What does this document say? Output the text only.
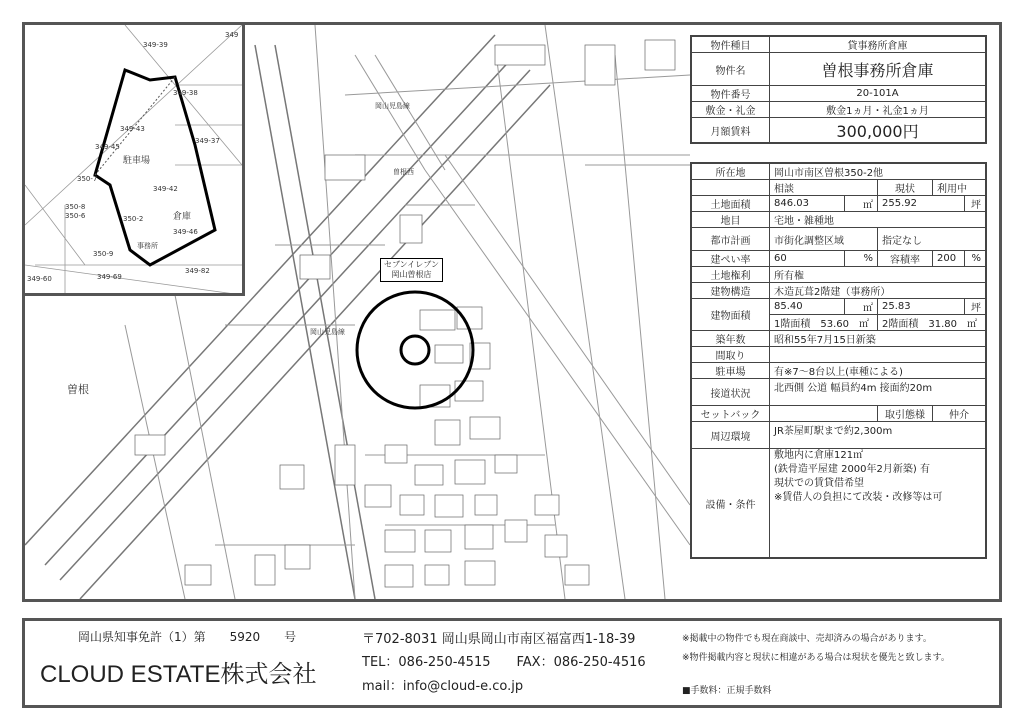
曽根
岡山児島線
曽根西
岡山児島線
セブンイレブン
岡山曽根店
349-39
349-38
349-37
349-43
349-42
349-45
350-7
350-8
350-6	350-2
350-9
349-46
349-69
349-82
349-60
349
駐車場
倉庫
事務所
物件種目	貸事務所倉庫
物件名	曽根事務所倉庫
物件番号	20-101A
敷金・礼金	敷金1ヵ月・礼金1ヵ月
月額賃料	300,000円
所在地	岡山市南区曽根350-2他				
	相談		現状	利用中	
土地面積	846.03	㎡	255.92		坪
地目	宅地・雑種地				
都市計画	市街化調整区域		指定なし		
建ぺい率	60	%	容積率	200	%
土地権利	所有権				
建物構造	木造瓦葺2階建（事務所）				
建物面積	85.40	㎡	25.83		坪
	1階面積　53.60　㎡		2階面積　31.80　㎡		
築年数	昭和55年7月15日新築				
間取り					
駐車場	有※7～8台以上(車種による)				
接道状況	北西側 公道 幅員約4m 接面約20m				
セットバック			取引態様	仲介	
周辺環境	JR茶屋町駅まで約2,300m				
設備・条件	敷地内に倉庫121㎡
(鉄骨造平屋建 2000年2月新築) 有
現状での賃貸借希望
※賃借人の負担にて改装・改修等は可				
岡山県知事免許（1）第　　5920　　号
CLOUD ESTATE株式会社
〒702-8031 岡山県岡山市南区福富西1-18-39
TEL：086-250-4515　　FAX：086-250-4516
mail：info@cloud-e.co.jp
※掲載中の物件でも現在商談中、売却済みの場合があります。
※物件掲載内容と現状に相違がある場合は現状を優先と致します。
■手数料：正規手数料
